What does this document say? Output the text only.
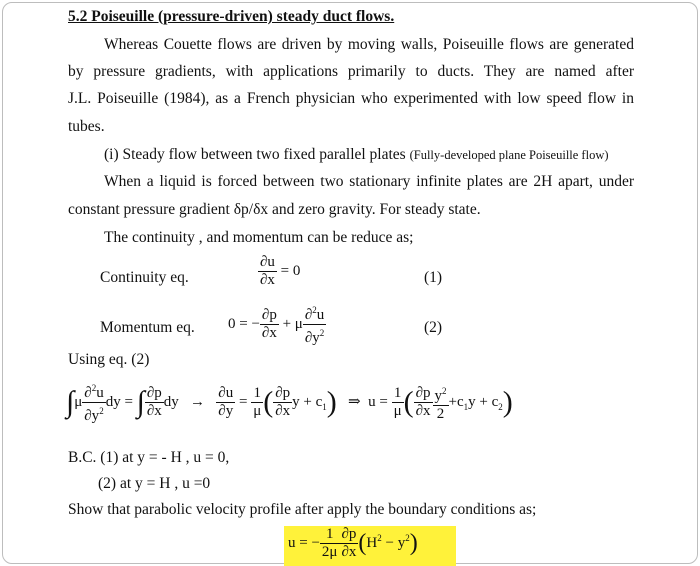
5.2 Poiseuille (pressure-driven) steady duct flows.
Whereas Couette flows are driven by moving walls, Poiseuille flows are generated
by pressure gradients, with applications primarily to ducts. They are named after
J.L. Poiseuille (1984), as a French physician who experimented with low speed flow in
tubes.
(i) Steady flow between two fixed parallel plates (Fully-developed plane Poiseuille flow)
When a liquid is forced between two stationary infinite plates are 2H apart, under
constant pressure gradient δp/δx and zero gravity. For steady state.
The continuity , and momentum can be reduce as;
Continuity eq.	$\frac{\partial u}{\partial x} = 0$	(1)
Momentum eq. 0 = − $\frac{\partial p}{\partial x} + \mu \frac{\partial^2u}{\partial y^2}$	(2)
Using eq. (2)
$\int\mu \frac{\partial^2u}{\partial y^2}$ dy = ∫ $\frac{\partial p}{\partial x}$ dy   → $\frac{\partial u}{\partial y} = \frac{1}{\mu}$ ( $\frac{\partial p}{\partial x}$ $y + c_1$)   ⇒  $u = \frac{1}{\mu}$ ( $\frac{\partial p}{\partial x} \frac{y^2}{2} +c_1y + c_2$)
B.C. (1) at y = - H , u = 0,
(2) at y = H , u =0
Show that parabolic velocity profile after apply the boundary conditions as;
u = − $\frac{1}{2\mu} \frac{\partial p}{\partial x} (H^2 - y^2)$
